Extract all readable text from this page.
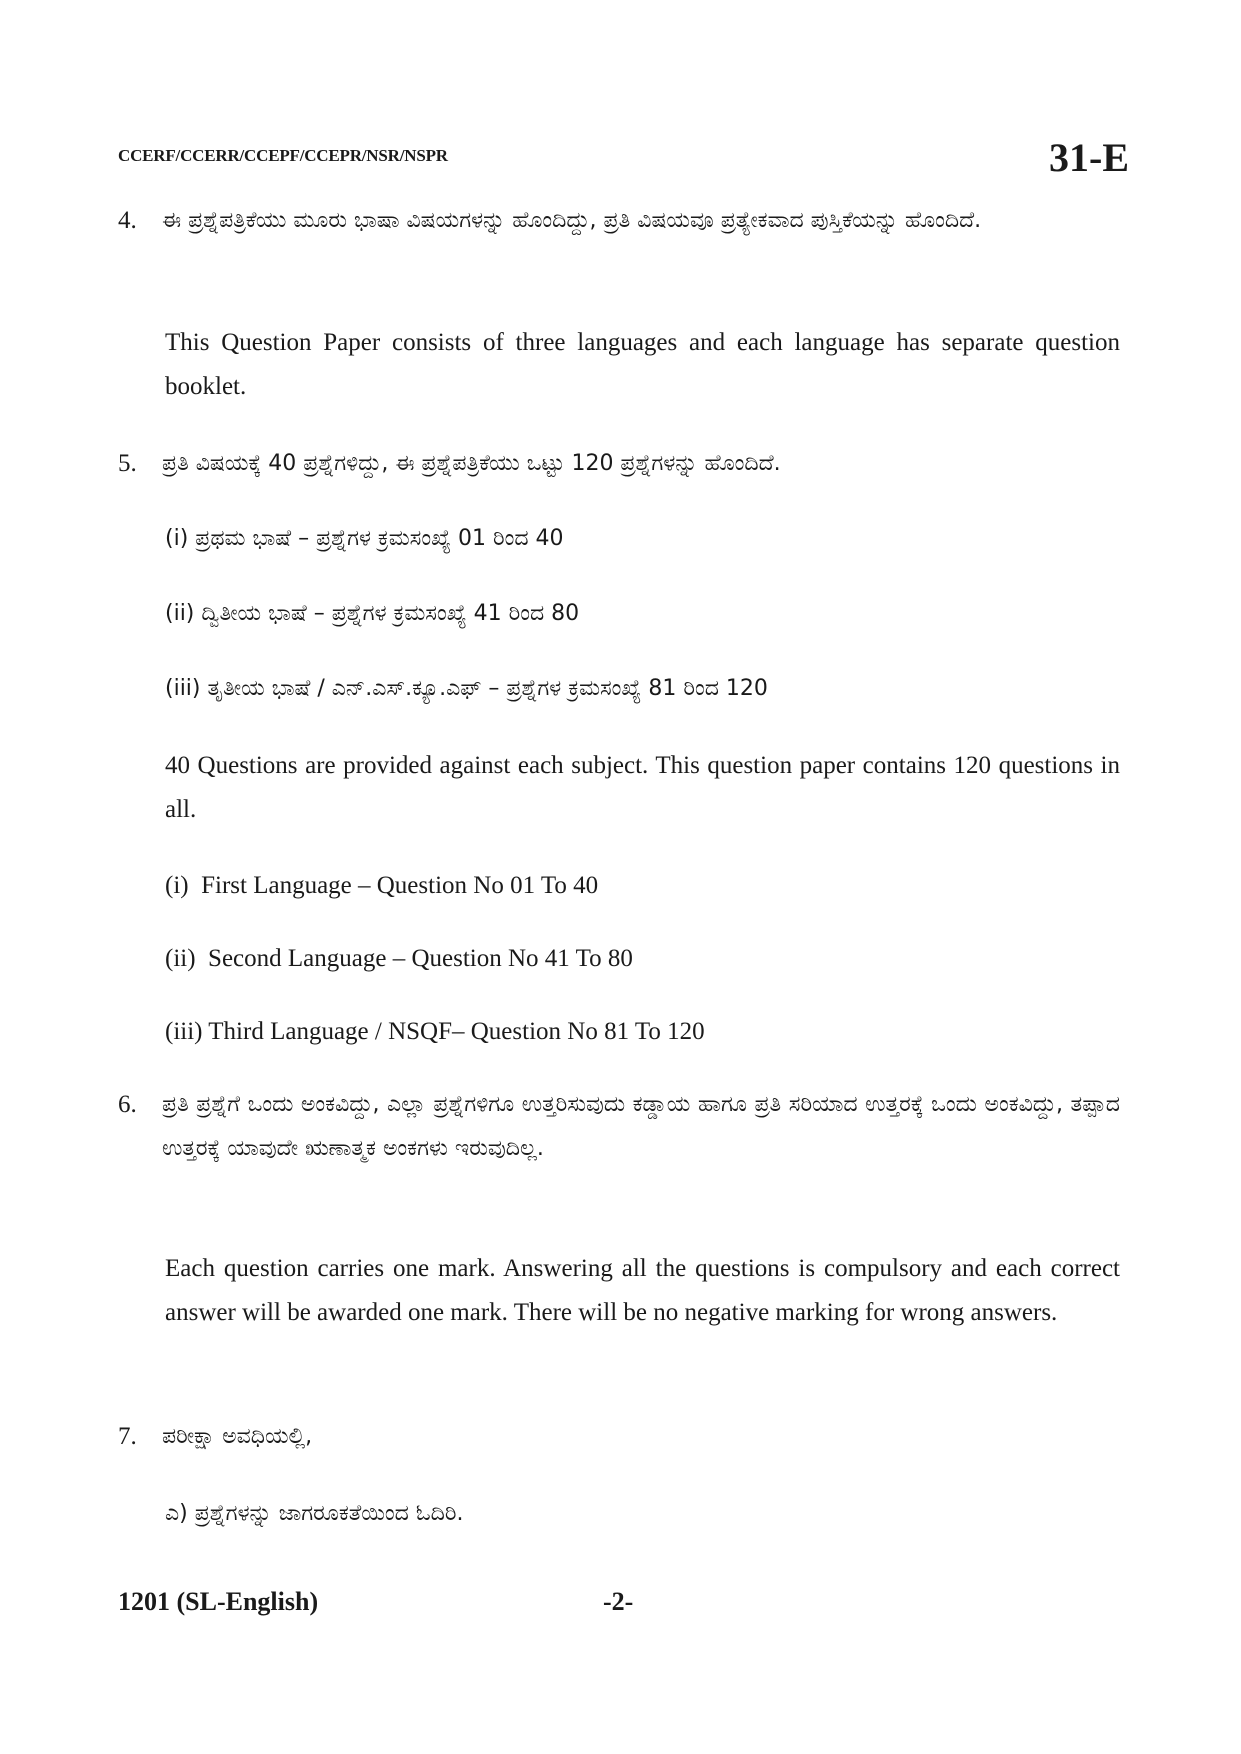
CCERF/CCERR/CCEPF/CCEPR/NSR/NSPR	31-E
4. ಈ ಪ್ರಶ್ನೆಪತ್ರಿಕೆಯು ಮೂರು ಭಾಷಾ ವಿಷಯಗಳನ್ನು ಹೊಂದಿದ್ದು, ಪ್ರತಿ ವಿಷಯವೂ ಪ್ರತ್ಯೇಕವಾದ ಪುಸ್ತಿಕೆಯನ್ನು ಹೊಂದಿದೆ.
This Question Paper consists of three languages and each language has separate question booklet.
5. ಪ್ರತಿ ವಿಷಯಕ್ಕೆ 40 ಪ್ರಶ್ನೆಗಳಿದ್ದು, ಈ ಪ್ರಶ್ನೆಪತ್ರಿಕೆಯು ಒಟ್ಟು 120 ಪ್ರಶ್ನೆಗಳನ್ನು ಹೊಂದಿದೆ.
(i) ಪ್ರಥಮ ಭಾಷೆ – ಪ್ರಶ್ನೆಗಳ ಕ್ರಮಸಂಖ್ಯೆ 01 ರಿಂದ 40
(ii) ದ್ವಿತೀಯ ಭಾಷೆ – ಪ್ರಶ್ನೆಗಳ ಕ್ರಮಸಂಖ್ಯೆ 41 ರಿಂದ 80
(iii) ತೃತೀಯ ಭಾಷೆ / ಎನ್.ಎಸ್.ಕ್ಯೂ.ಎಫ್ – ಪ್ರಶ್ನೆಗಳ ಕ್ರಮಸಂಖ್ಯೆ 81 ರಿಂದ 120
40 Questions are provided against each subject. This question paper contains 120 questions in all.
(i)  First Language – Question No 01 To 40
(ii)  Second Language – Question No 41 To 80
(iii) Third Language / NSQF– Question No 81 To 120
6. ಪ್ರತಿ ಪ್ರಶ್ನೆಗೆ ಒಂದು ಅಂಕವಿದ್ದು, ಎಲ್ಲಾ ಪ್ರಶ್ನೆಗಳಿಗೂ ಉತ್ತರಿಸುವುದು ಕಡ್ಡಾಯ ಹಾಗೂ ಪ್ರತಿ ಸರಿಯಾದ ಉತ್ತರಕ್ಕೆ ಒಂದು ಅಂಕವಿದ್ದು, ತಪ್ಪಾದ ಉತ್ತರಕ್ಕೆ ಯಾವುದೇ ಋಣಾತ್ಮಕ ಅಂಕಗಳು ಇರುವುದಿಲ್ಲ.
Each question carries one mark. Answering all the questions is compulsory and each correct answer will be awarded one mark. There will be no negative marking for wrong answers.
7. ಪರೀಕ್ಷಾ ಅವಧಿಯಲ್ಲಿ,
ಎ) ಪ್ರಶ್ನೆಗಳನ್ನು ಜಾಗರೂಕತೆಯಿಂದ ಓದಿರಿ.
1201 (SL-English)	-2-
